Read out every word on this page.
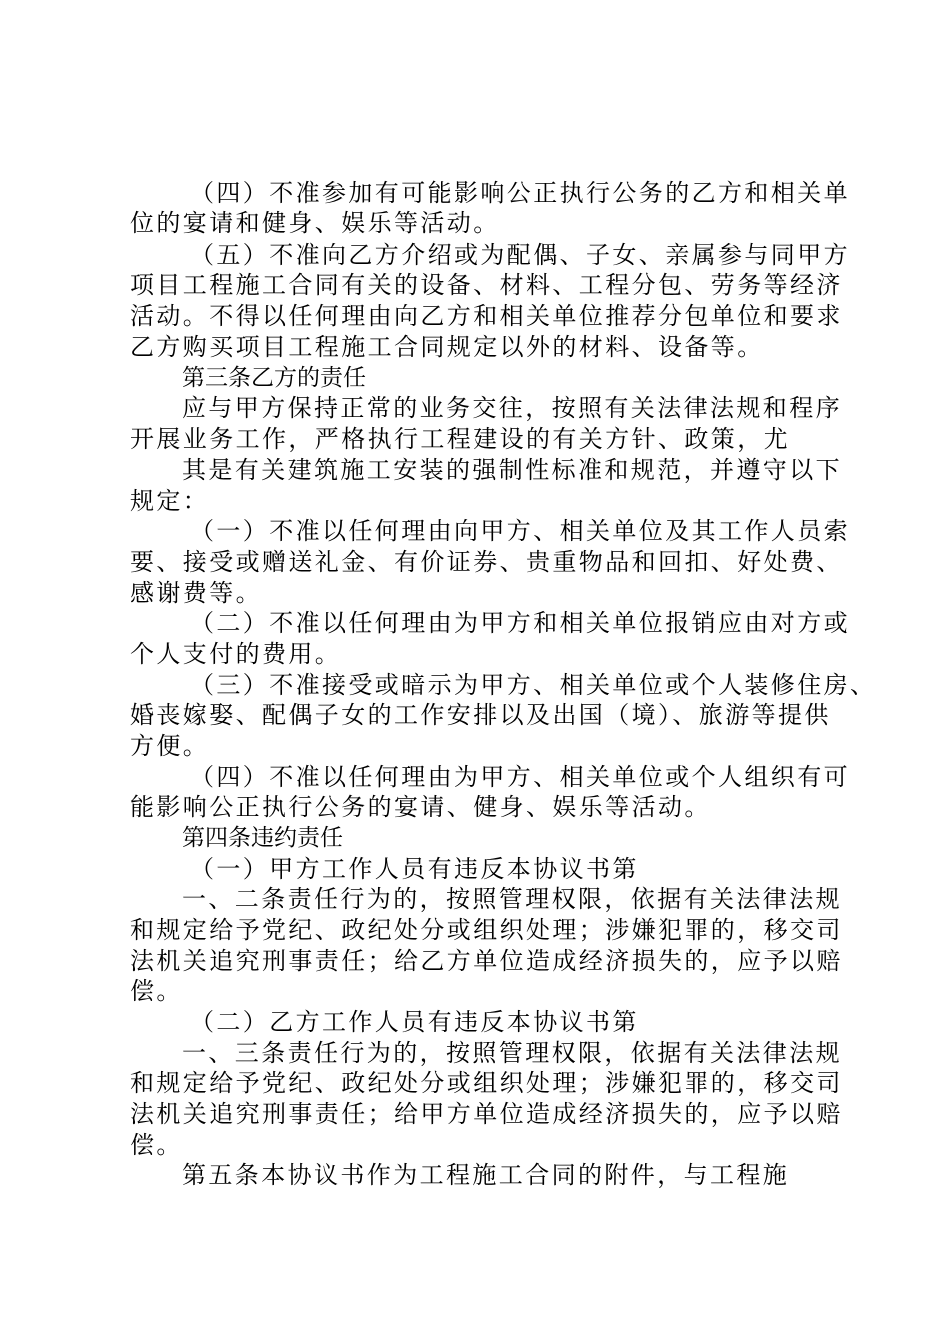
（四）不准参加有可能影响公正执行公务的乙方和相关单
位的宴请和健身、娱乐等活动。
（五）不准向乙方介绍或为配偶、子女、亲属参与同甲方
项目工程施工合同有关的设备、材料、工程分包、劳务等经济
活动。不得以任何理由向乙方和相关单位推荐分包单位和要求
乙方购买项目工程施工合同规定以外的材料、设备等。
第三条乙方的责任
应与甲方保持正常的业务交往，按照有关法律法规和程序
开展业务工作，严格执行工程建设的有关方针、政策，尤
其是有关建筑施工安装的强制性标准和规范，并遵守以下
规定：
（一）不准以任何理由向甲方、相关单位及其工作人员索
要、接受或赠送礼金、有价证券、贵重物品和回扣、好处费、
感谢费等。
（二）不准以任何理由为甲方和相关单位报销应由对方或
个人支付的费用。
（三）不准接受或暗示为甲方、相关单位或个人装修住房、
婚丧嫁娶、配偶子女的工作安排以及出国（境）、旅游等提供
方便。
（四）不准以任何理由为甲方、相关单位或个人组织有可
能影响公正执行公务的宴请、健身、娱乐等活动。
第四条违约责任
（一）甲方工作人员有违反本协议书第
一、二条责任行为的，按照管理权限，依据有关法律法规
和规定给予党纪、政纪处分或组织处理；涉嫌犯罪的，移交司
法机关追究刑事责任；给乙方单位造成经济损失的，应予以赔
偿。
（二）乙方工作人员有违反本协议书第
一、三条责任行为的，按照管理权限，依据有关法律法规
和规定给予党纪、政纪处分或组织处理；涉嫌犯罪的，移交司
法机关追究刑事责任；给甲方单位造成经济损失的，应予以赔
偿。
第五条本协议书作为工程施工合同的附件，与工程施
